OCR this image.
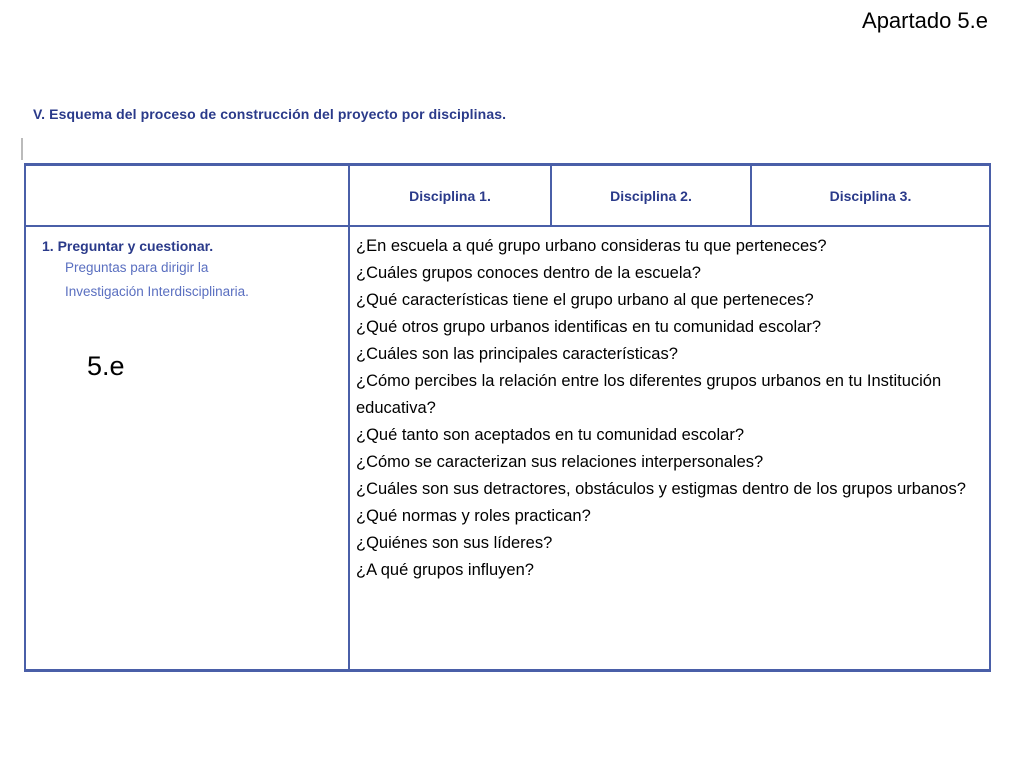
Apartado 5.e
V. Esquema del proceso de construcción del proyecto por disciplinas.
Disciplina 1.	Disciplina 2.	Disciplina 3.
1. Preguntar y cuestionar.
Preguntas para dirigir la
Investigación Interdisciplinaria.
5.e
¿En escuela a qué grupo urbano consideras tu que perteneces?
¿Cuáles grupos conoces dentro de la escuela?
¿Qué características tiene el grupo urbano al que perteneces?
¿Qué otros grupo urbanos identificas en tu comunidad escolar?
¿Cuáles son las principales características?
¿Cómo percibes la relación entre los diferentes grupos urbanos en tu Institución
educativa?
¿Qué tanto son aceptados en tu comunidad escolar?
¿Cómo se caracterizan sus relaciones interpersonales?
¿Cuáles son sus detractores, obstáculos y estigmas dentro de los grupos urbanos?
¿Qué normas y roles practican?
¿Quiénes son sus líderes?
¿A qué grupos influyen?
